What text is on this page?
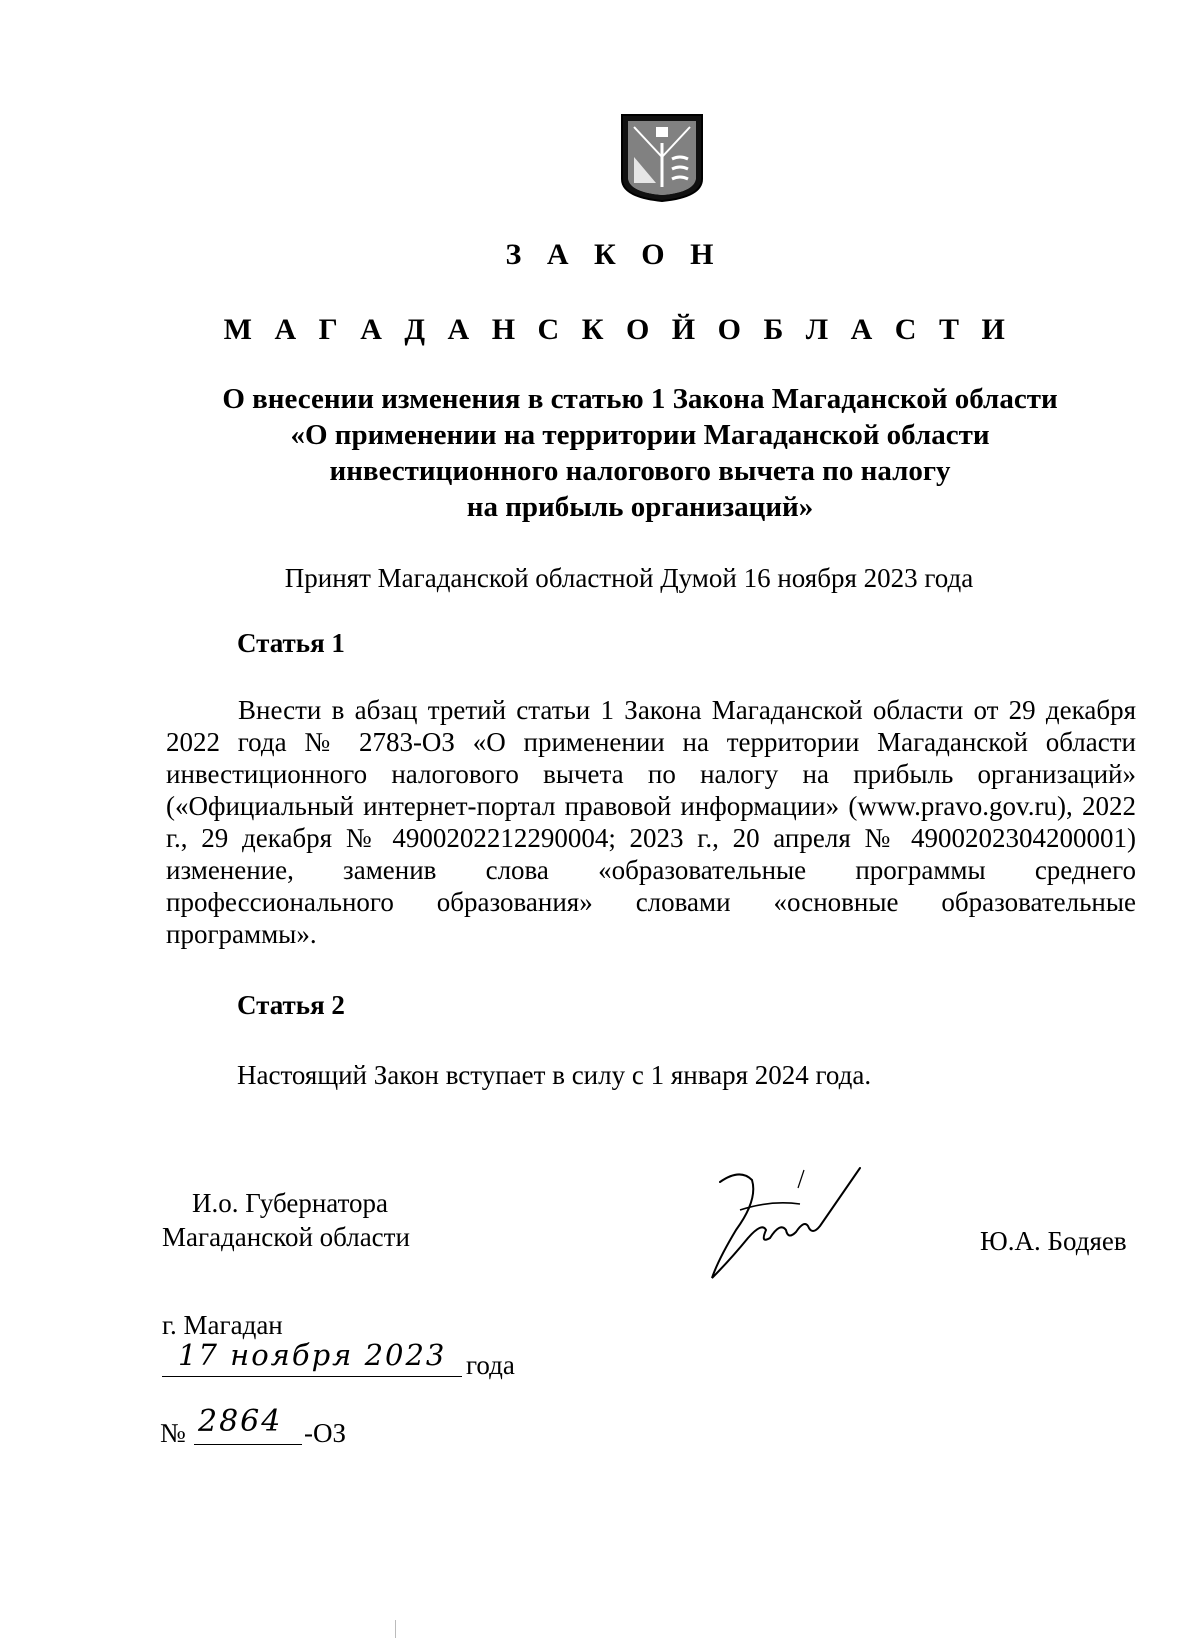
З А К О Н
М А Г А Д А Н С К О Й О Б Л А С Т И
О внесении изменения в статью 1 Закона Магаданской области
«О применении на территории Магаданской области
инвестиционного налогового вычета по налогу
на прибыль организаций»
Принят Магаданской областной Думой 16 ноября 2023 года
Статья 1
Внести в абзац третий статьи 1 Закона Магаданской области от 29 декабря 2022 года № 2783-ОЗ «О применении на территории Магаданской области инвестиционного налогового вычета по налогу на прибыль организаций» («Официальный интернет-портал правовой информации» (www.pravo.gov.ru), 2022 г., 29 декабря № 4900202212290004; 2023 г., 20 апреля № 4900202304200001) изменение, заменив слова «образовательные программы среднего профессионального образования» словами «основные образовательные программы».
Статья 2
Настоящий Закон вступает в силу с 1 января 2024 года.
И.о. Губернатора
Магаданской области	Ю.А. Бодяев
г. Магадан
17 ноября 2023 года
№ 2864 -ОЗ
